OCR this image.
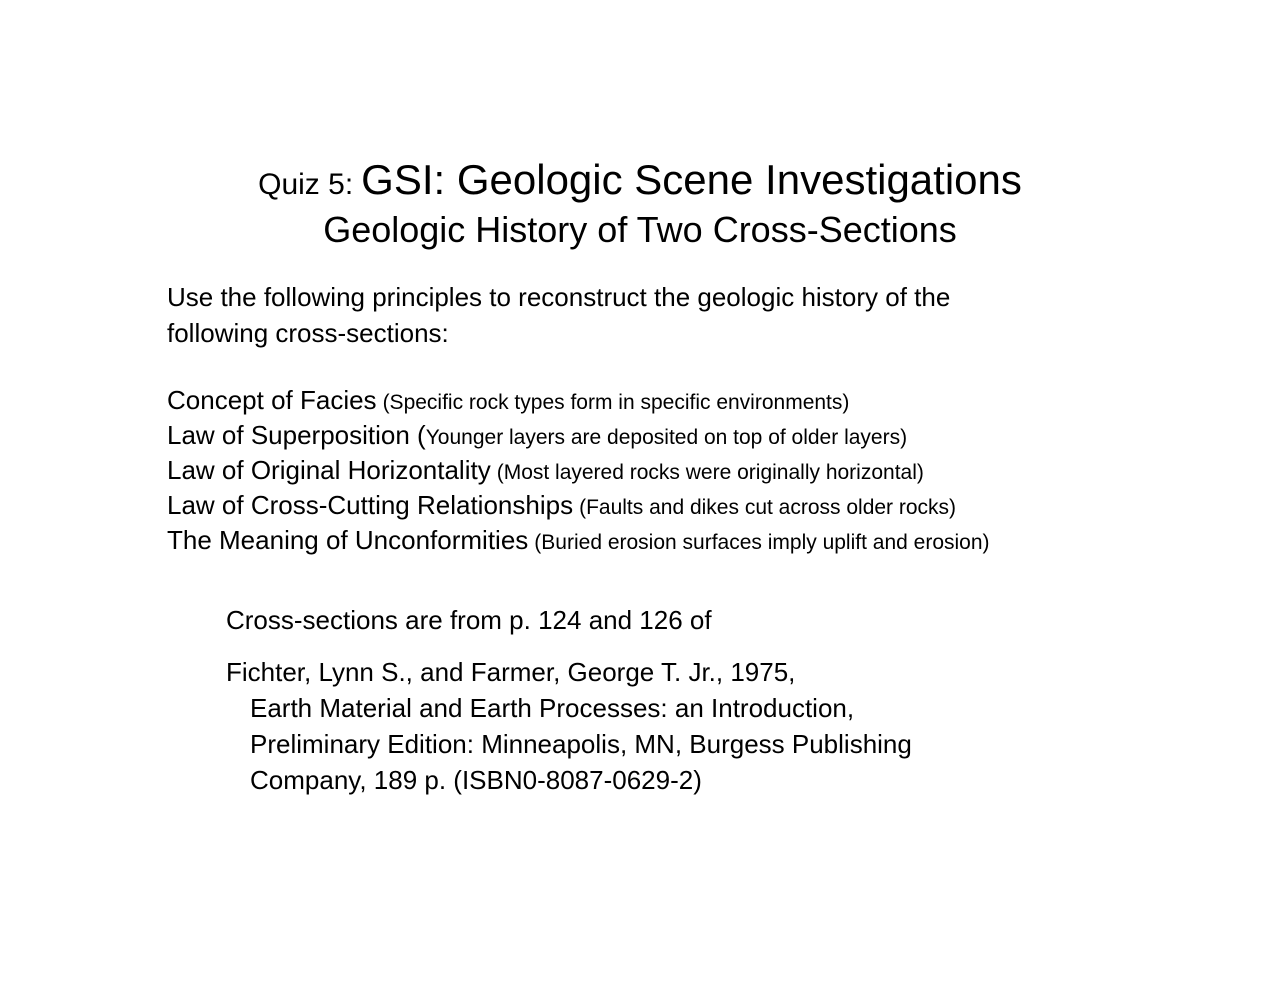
Quiz 5: GSI: Geologic Scene Investigations
Geologic History of Two Cross-Sections
Use the following principles to reconstruct the geologic history of the
following cross-sections:
Concept of Facies (Specific rock types form in specific environments)
Law of Superposition (Younger layers are deposited on top of older layers)
Law of Original Horizontality (Most layered rocks were originally horizontal)
Law of Cross-Cutting Relationships (Faults and dikes cut across older rocks)
The Meaning of Unconformities (Buried erosion surfaces imply uplift and erosion)
Cross-sections are from p. 124 and 126 of
Fichter, Lynn S., and Farmer, George T. Jr., 1975,
Earth Material and Earth Processes: an Introduction,
Preliminary Edition: Minneapolis, MN, Burgess Publishing
Company, 189 p. (ISBN0-8087-0629-2)
